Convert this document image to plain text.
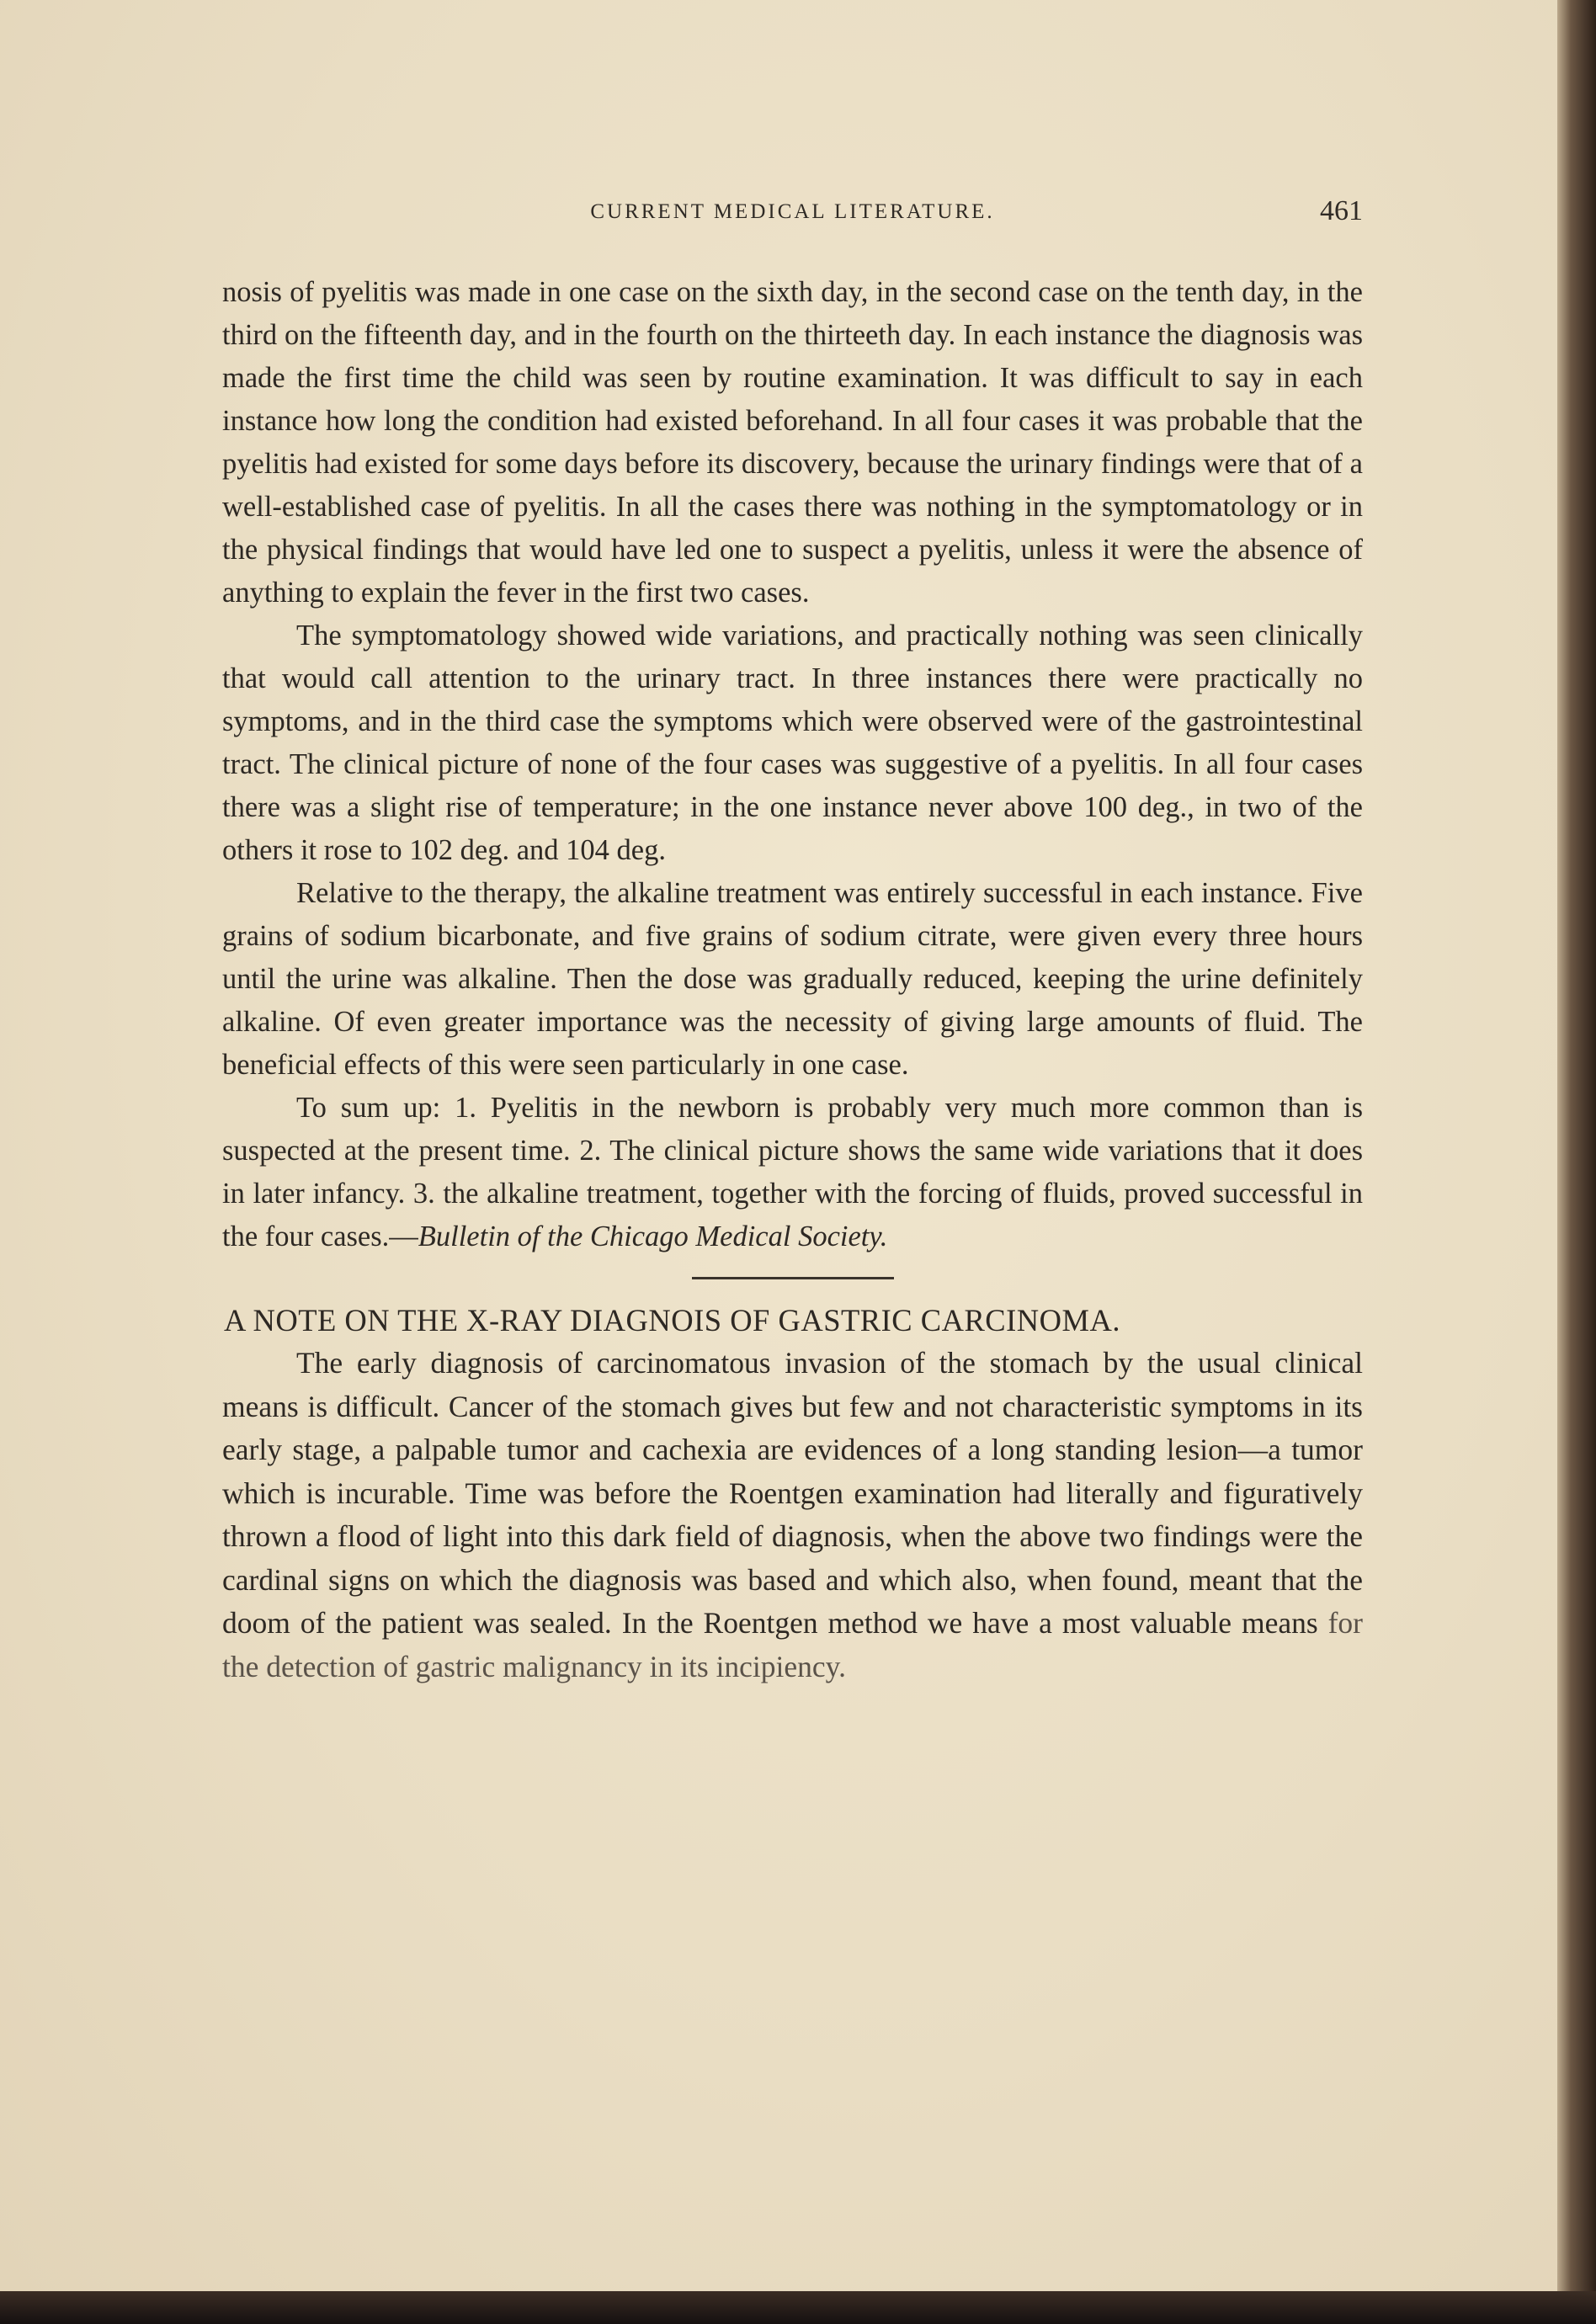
CURRENT MEDICAL LITERATURE.	461

nosis of pyelitis was made in one case on the sixth day, in the second case on the tenth day, in the third on the fifteenth day, and in the fourth on the thirteeth day. In each instance the diagnosis was made the first time the child was seen by routine examination. It was difficult to say in each instance how long the condition had existed beforehand. In all four cases it was probable that the pyelitis had existed for some days before its discovery, because the urinary findings were that of a well-established case of pyelitis. In all the cases there was nothing in the symptomatology or in the physical findings that would have led one to suspect a pyelitis, unless it were the absence of anything to explain the fever in the first two cases.

The symptomatology showed wide variations, and practically nothing was seen clinically that would call attention to the urinary tract. In three instances there were practically no symptoms, and in the third case the symptoms which were observed were of the gastrointestinal tract. The clinical picture of none of the four cases was suggestive of a pyelitis. In all four cases there was a slight rise of temperature; in the one instance never above 100 deg., in two of the others it rose to 102 deg. and 104 deg.

Relative to the therapy, the alkaline treatment was entirely successful in each instance. Five grains of sodium bicarbonate, and five grains of sodium citrate, were given every three hours until the urine was alkaline. Then the dose was gradually reduced, keeping the urine definitely alkaline. Of even greater importance was the necessity of giving large amounts of fluid. The beneficial effects of this were seen particularly in one case.

To sum up: 1. Pyelitis in the newborn is probably very much more common than is suspected at the present time. 2. The clinical picture shows the same wide variations that it does in later infancy. 3. the alkaline treatment, together with the forcing of fluids, proved successful in the four cases.—Bulletin of the Chicago Medical Society.

A NOTE ON THE X-RAY DIAGNOIS OF GASTRIC CARCINOMA.

The early diagnosis of carcinomatous invasion of the stomach by the usual clinical means is difficult. Cancer of the stomach gives but few and not characteristic symptoms in its early stage, a palpable tumor and cachexia are evidences of a long standing lesion—a tumor which is incurable. Time was before the Roentgen examination had literally and figuratively thrown a flood of light into this dark field of diagnosis, when the above two findings were the cardinal signs on which the diagnosis was based and which also, when found, meant that the doom of the patient was sealed. In the Roentgen method we have a most valuable means for the detection of gastric malignancy in its incipiency.
